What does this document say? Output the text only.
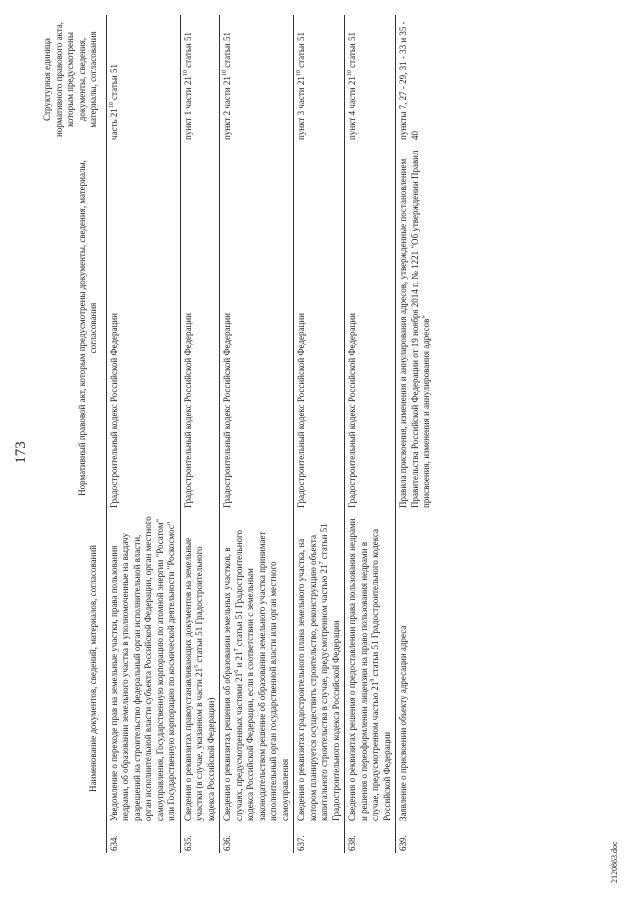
173
	Наименование документов, сведений, материалов, согласований	Нормативный правовой акт, которым предусмотрены документы, сведения, материалы, согласования	Структурная единица нормативного правового акта, которым предусмотрены документы, сведения, материалы, согласования
634.	Уведомление о переходе прав на земельные участки, права пользования недрами, об образовании земельного участка в уполномоченные на выдачу разрешений на строительство федеральный орган исполнительной власти, орган исполнительной власти субъекта Российской Федерации, орган местного самоуправления, Государственную корпорацию по атомной энергии "Росатом" или Государственную корпорацию по космической деятельности "Роскосмос"	Градостроительный кодекс Российской Федерации	часть $21^{10}$ статьи 51
635.	Сведения о реквизитах правоустанавливающих документов на земельные участки (в случае, указанном в части $21^5$ статьи 51 Градостроительного кодекса Российской Федерации)	Градостроительный кодекс Российской Федерации	пункт 1 части $21^{10}$ статьи 51
636.	Сведения о реквизитах решения об образовании земельных участков, в случаях, предусмотренных частями $21^6$ и $21^7$ статьи 51 Градостроительного кодекса Российской Федерации, если в соответствии с земельным законодательством решение об образовании земельного участка принимает исполнительный орган государственной власти или орган местного самоуправления	Градостроительный кодекс Российской Федерации	пункт 2 части $21^{10}$ статьи 51
637.	Сведения о реквизитах градостроительного плана земельного участка, на котором планируется осуществить строительство, реконструкцию объекта капитального строительства в случае, предусмотренном частью $21^7$ статьи 51 Градостроительного кодекса Российской Федерации	Градостроительный кодекс Российской Федерации	пункт 3 части $21^{10}$ статьи 51
638.	Сведения о реквизитах решения о предоставлении права пользования недрами и решения о переоформлении лицензии на право пользования недрами в случае, предусмотренном частью $21^9$ статьи 51 Градостроительного кодекса Российской Федерации	Градостроительный кодекс Российской Федерации	пункт 4 части $21^{10}$ статьи 51
639.	Заявление о присвоении объекту адресации адреса	Правила присвоения, изменения и аннулирования адресов, утвержденные постановлением Правительства Российской Федерации от 19 ноября 2014 г. № 1221 "Об утверждении Правил присвоения, изменения и аннулирования адресов"	пункты 7, 27 - 29, 31 - 33 и 35 - 40
2120863.doc
